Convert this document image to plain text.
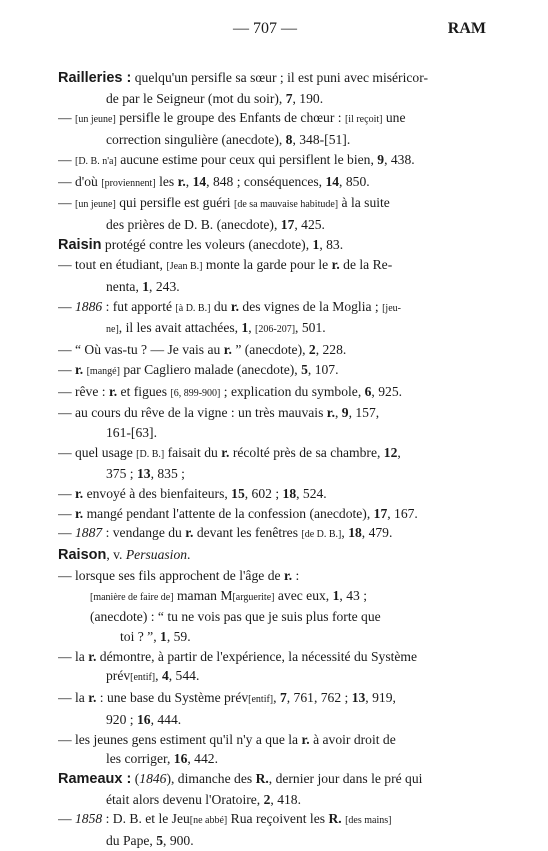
— 707 —	RAM
Railleries : quelqu'un persifle sa sœur ; il est puni avec miséricor-
de par le Seigneur (mot du soir), 7, 190.
— [un jeune] persifle le groupe des Enfants de chœur : [il reçoit] une
correction singulière (anecdote), 8, 348-[51].
— [D. B. n'a] aucune estime pour ceux qui persiflent le bien, 9, 438.
— d'où [proviennent] les r., 14, 848 ; conséquences, 14, 850.
— [un jeune] qui persifle est guéri [de sa mauvaise habitude] à la suite
des prières de D. B. (anecdote), 17, 425.
Raisin protégé contre les voleurs (anecdote), 1, 83.
— tout en étudiant, [Jean B.] monte la garde pour le r. de la Re-
nenta, 1, 243.
— 1886 : fut apporté [à D. B.] du r. des vignes de la Moglia ; [jeu-
ne], il les avait attachées, 1, [206-207], 501.
— “ Où vas-tu ? — Je vais au r. ” (anecdote), 2, 228.
— r. [mangé] par Cagliero malade (anecdote), 5, 107.
— rêve : r. et figues [6, 899-900] ; explication du symbole, 6, 925.
— au cours du rêve de la vigne : un très mauvais r., 9, 157,
161-[63].
— quel usage [D. B.] faisait du r. récolté près de sa chambre, 12,
375 ; 13, 835 ;
— r. envoyé à des bienfaiteurs, 15, 602 ; 18, 524.
— r. mangé pendant l'attente de la confession (anecdote), 17, 167.
— 1887 : vendange du r. devant les fenêtres [de D. B.], 18, 479.
Raison, v. Persuasion.
— lorsque ses fils approchent de l'âge de r. :
[manière de faire de] maman M[arguerite] avec eux, 1, 43 ;
(anecdote) : “ tu ne vois pas que je suis plus forte que
toi ? ”, 1, 59.
— la r. démontre, à partir de l'expérience, la nécessité du Système
prév[entif], 4, 544.
— la r. : une base du Système prév[entif], 7, 761, 762 ; 13, 919,
920 ; 16, 444.
— les jeunes gens estiment qu'il n'y a que la r. à avoir droit de
les corriger, 16, 442.
Rameaux : (1846), dimanche des R., dernier jour dans le pré qui
était alors devenu l'Oratoire, 2, 418.
— 1858 : D. B. et le Jeu[ne abbé] Rua reçoivent les R. [des mains]
du Pape, 5, 900.
